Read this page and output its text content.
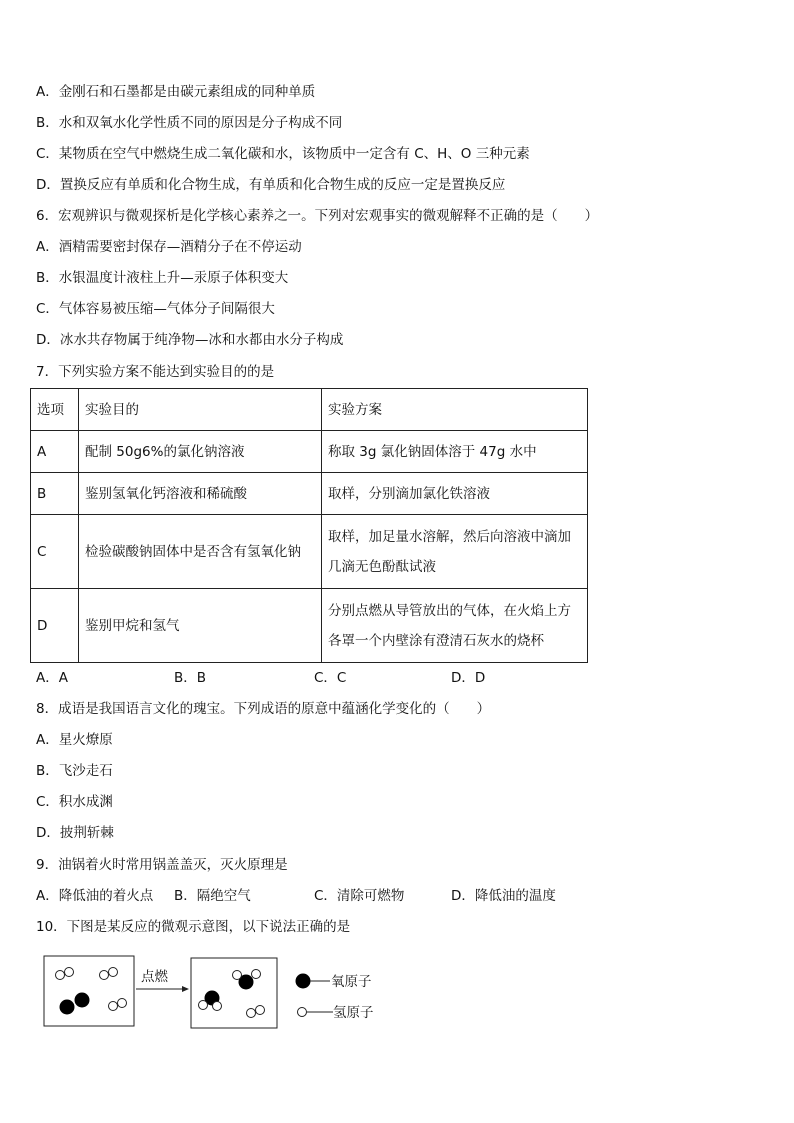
A．金刚石和石墨都是由碳元素组成的同种单质
B．水和双氧水化学性质不同的原因是分子构成不同
C．某物质在空气中燃烧生成二氧化碳和水，该物质中一定含有 C、H、O 三种元素
D．置换反应有单质和化合物生成，有单质和化合物生成的反应一定是置换反应
6．宏观辨识与微观探析是化学核心素养之一。下列对宏观事实的微观解释不正确的是（　　）
A．酒精需要密封保存—酒精分子在不停运动
B．水银温度计液柱上升—汞原子体积变大
C．气体容易被压缩—气体分子间隔很大
D．冰水共存物属于纯净物—冰和水都由水分子构成
7．下列实验方案不能达到实验目的的是
选项	实验目的	实验方案
A	配制 50g6%的氯化钠溶液	称取 3g 氯化钠固体溶于 47g 水中
B	鉴别氢氧化钙溶液和稀硫酸	取样，分别滴加氯化铁溶液
C	检验碳酸钠固体中是否含有氢氧化钠	取样，加足量水溶解，然后向溶液中滴加
几滴无色酚酞试液

D	鉴别甲烷和氢气	分别点燃从导管放出的气体，在火焰上方
各罩一个内壁涂有澄清石灰水的烧杯
A．A	B．B	C．C	D．D
8．成语是我国语言文化的瑰宝。下列成语的原意中蕴涵化学变化的（　　）
A．星火燎原
B．飞沙走石
C．积水成渊
D．披荆斩棘
9．油锅着火时常用锅盖盖灭，灭火原理是
A．降低油的着火点 B．隔绝空气	C．清除可燃物	D．降低油的温度
10．下图是某反应的微观示意图，以下说法正确的是
点燃	氧原子
氢原子
